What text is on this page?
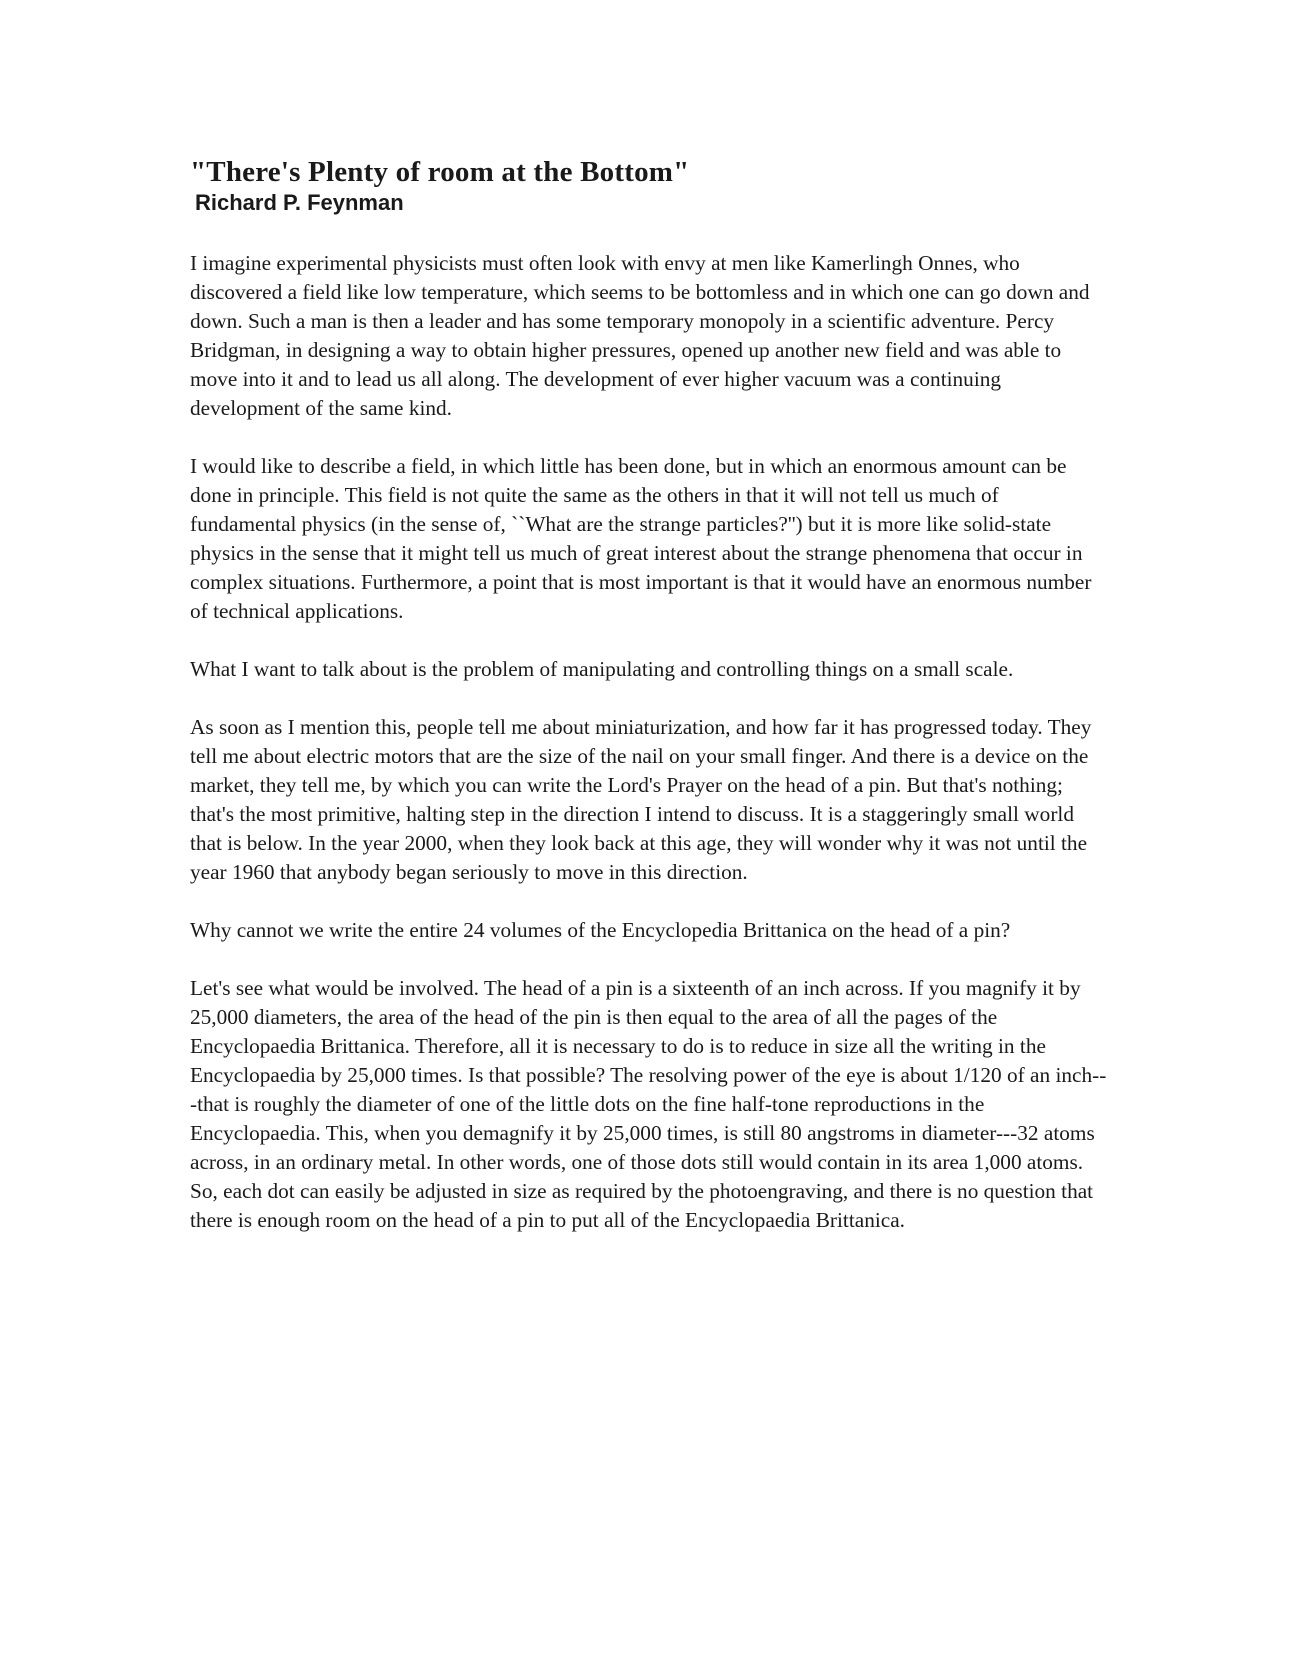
"There's Plenty of room at the Bottom"
Richard P. Feynman

I imagine experimental physicists must often look with envy at men like Kamerlingh Onnes, who discovered a field like low temperature, which seems to be bottomless and in which one can go down and down. Such a man is then a leader and has some temporary monopoly in a scientific adventure. Percy Bridgman, in designing a way to obtain higher pressures, opened up another new field and was able to move into it and to lead us all along. The development of ever higher vacuum was a continuing development of the same kind.

I would like to describe a field, in which little has been done, but in which an enormous amount can be done in principle. This field is not quite the same as the others in that it will not tell us much of fundamental physics (in the sense of, ``What are the strange particles?'') but it is more like solid-state physics in the sense that it might tell us much of great interest about the strange phenomena that occur in complex situations. Furthermore, a point that is most important is that it would have an enormous number of technical applications.

What I want to talk about is the problem of manipulating and controlling things on a small scale.

As soon as I mention this, people tell me about miniaturization, and how far it has progressed today. They tell me about electric motors that are the size of the nail on your small finger. And there is a device on the market, they tell me, by which you can write the Lord's Prayer on the head of a pin. But that's nothing; that's the most primitive, halting step in the direction I intend to discuss. It is a staggeringly small world that is below. In the year 2000, when they look back at this age, they will wonder why it was not until the year 1960 that anybody began seriously to move in this direction.

Why cannot we write the entire 24 volumes of the Encyclopedia Brittanica on the head of a pin?

Let's see what would be involved. The head of a pin is a sixteenth of an inch across. If you magnify it by 25,000 diameters, the area of the head of the pin is then equal to the area of all the pages of the Encyclopaedia Brittanica. Therefore, all it is necessary to do is to reduce in size all the writing in the Encyclopaedia by 25,000 times. Is that possible? The resolving power of the eye is about 1/120 of an inch---that is roughly the diameter of one of the little dots on the fine half-tone reproductions in the Encyclopaedia. This, when you demagnify it by 25,000 times, is still 80 angstroms in diameter---32 atoms across, in an ordinary metal. In other words, one of those dots still would contain in its area 1,000 atoms. So, each dot can easily be adjusted in size as required by the photoengraving, and there is no question that there is enough room on the head of a pin to put all of the Encyclopaedia Brittanica.
